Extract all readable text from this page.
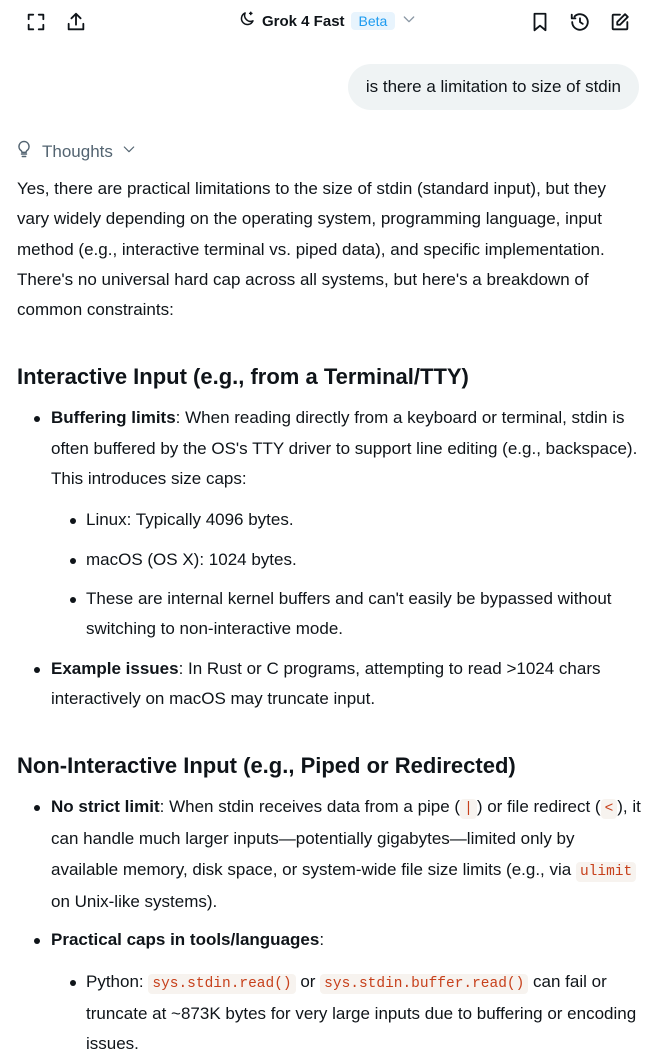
Grok 4 Fast	Beta
is there a limitation to size of stdin
Thoughts

Yes, there are practical limitations to the size of stdin (standard input), but they vary widely depending on the operating system, programming language, input method (e.g., interactive terminal vs. piped data), and specific implementation. There's no universal hard cap across all systems, but here's a breakdown of common constraints:

Interactive Input (e.g., from a Terminal/TTY)
Buffering limits: When reading directly from a keyboard or terminal, stdin is often buffered by the OS's TTY driver to support line editing (e.g., backspace). This introduces size caps:
Linux: Typically 4096 bytes.
macOS (OS X): 1024 bytes.
These are internal kernel buffers and can't easily be bypassed without switching to non-interactive mode.
Example issues: In Rust or C programs, attempting to read >1024 chars interactively on macOS may truncate input.
Non-Interactive Input (e.g., Piped or Redirected)
No strict limit: When stdin receives data from a pipe ( | ) or file redirect ( < ), it can handle much larger inputs—potentially gigabytes—limited only by available memory, disk space, or system-wide file size limits (e.g., via ulimit on Unix-like systems).
Practical caps in tools/languages:
Python: sys.stdin.read() or sys.stdin.buffer.read() can fail or truncate at ~873K bytes for very large inputs due to buffering or encoding issues.
